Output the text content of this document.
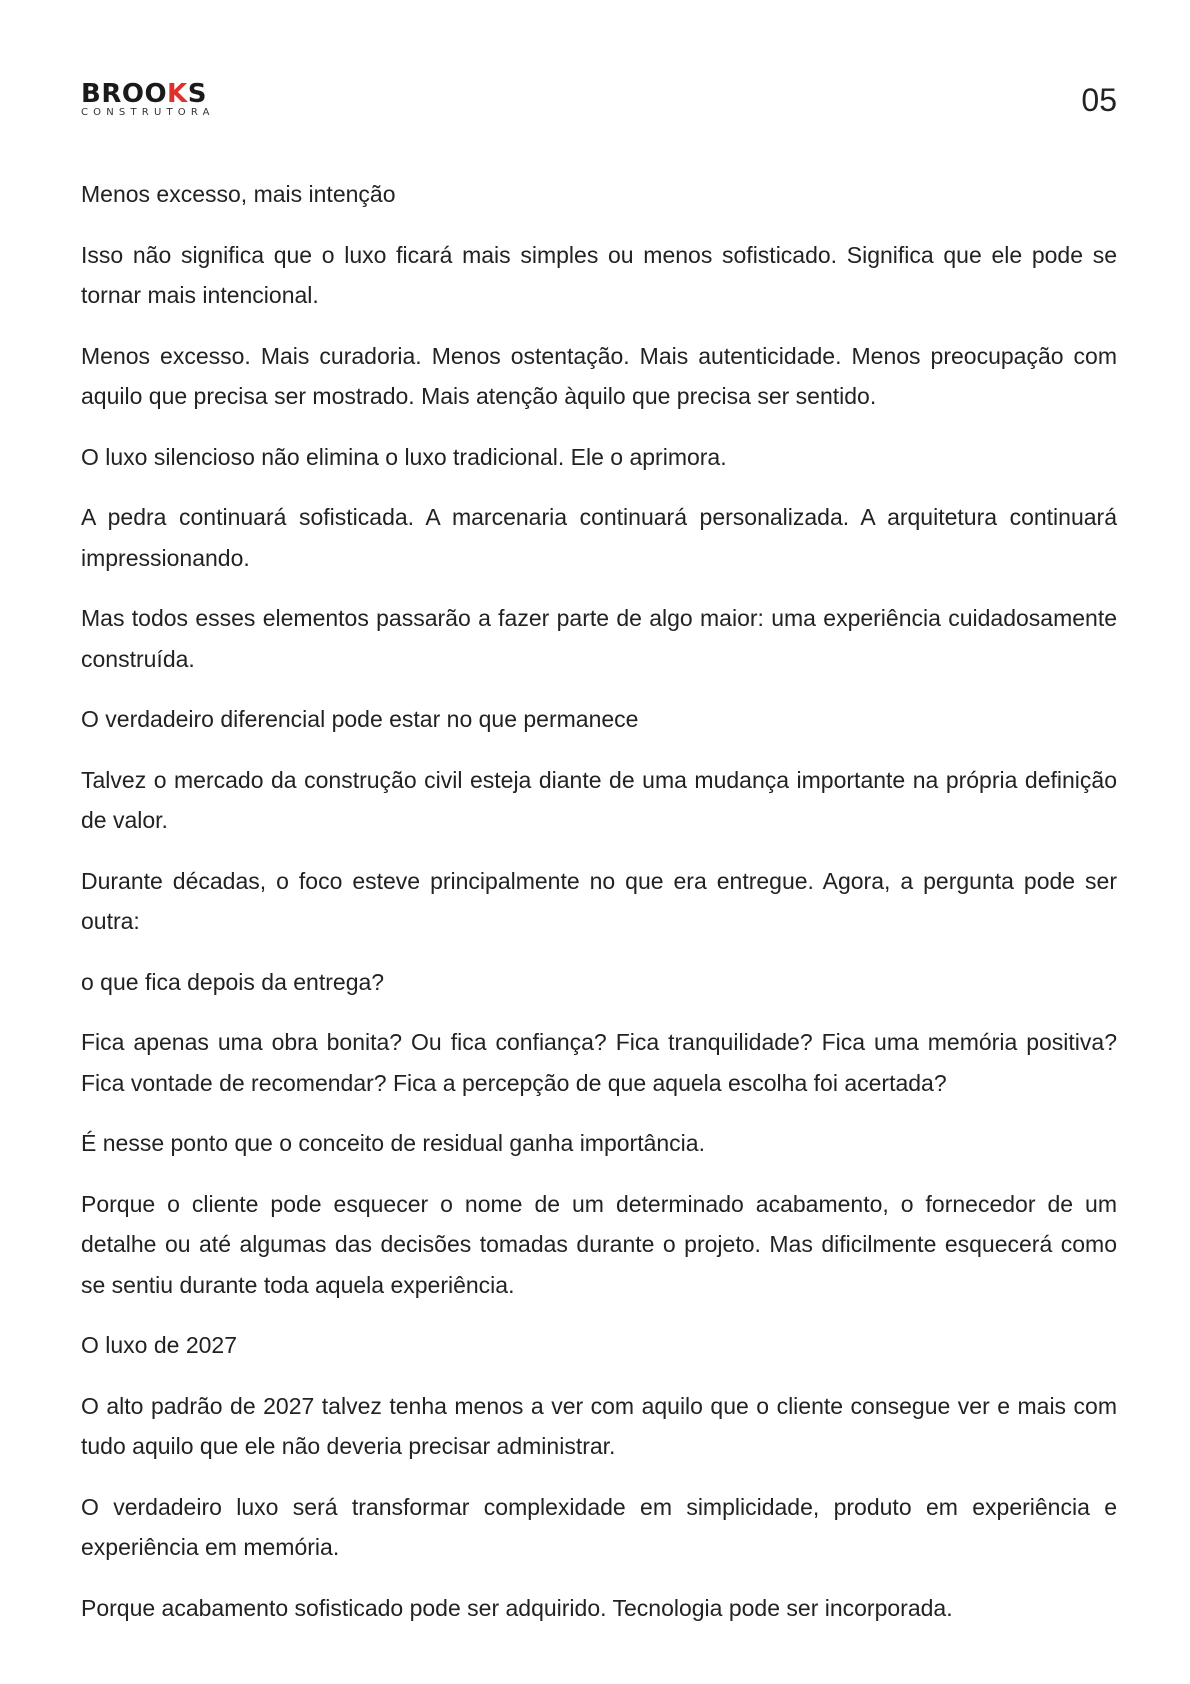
BROOKS
CONSTRUTORA	05

Menos excesso, mais intenção

Isso não significa que o luxo ficará mais simples ou menos sofisticado. Significa que ele pode se tornar mais intencional.

Menos excesso. Mais curadoria. Menos ostentação. Mais autenticidade. Menos preocupação com aquilo que precisa ser mostrado. Mais atenção àquilo que precisa ser sentido.

O luxo silencioso não elimina o luxo tradicional. Ele o aprimora.

A pedra continuará sofisticada. A marcenaria continuará personalizada. A arquitetura continuará impressionando.

Mas todos esses elementos passarão a fazer parte de algo maior: uma experiência cuidadosamente construída.

O verdadeiro diferencial pode estar no que permanece

Talvez o mercado da construção civil esteja diante de uma mudança importante na própria definição de valor.

Durante décadas, o foco esteve principalmente no que era entregue. Agora, a pergunta pode ser outra:

o que fica depois da entrega?

Fica apenas uma obra bonita? Ou fica confiança? Fica tranquilidade? Fica uma memória positiva? Fica vontade de recomendar? Fica a percepção de que aquela escolha foi acertada?

É nesse ponto que o conceito de residual ganha importância.

Porque o cliente pode esquecer o nome de um determinado acabamento, o fornecedor de um detalhe ou até algumas das decisões tomadas durante o projeto. Mas dificilmente esquecerá como se sentiu durante toda aquela experiência.

O luxo de 2027

O alto padrão de 2027 talvez tenha menos a ver com aquilo que o cliente consegue ver e mais com tudo aquilo que ele não deveria precisar administrar.

O verdadeiro luxo será transformar complexidade em simplicidade, produto em experiência e experiência em memória.

Porque acabamento sofisticado pode ser adquirido. Tecnologia pode ser incorporada.
